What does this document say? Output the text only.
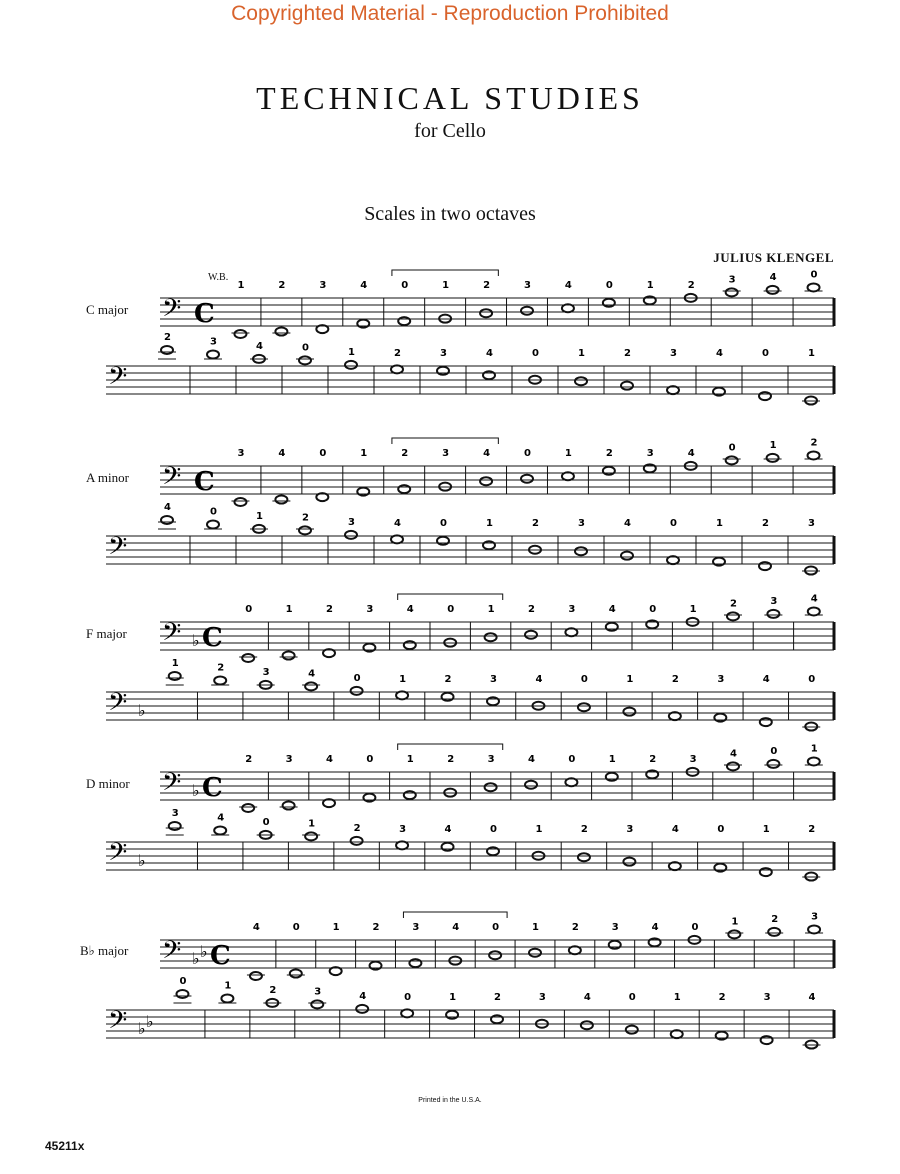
Copyrighted Material - Reproduction Prohibited
TECHNICAL STUDIES
for Cello
Scales in two octaves
JULIUS KLENGEL
W.B.
C major
A minor
F major
D minor
B♭ major
𝄢 C
1	2	3	4	0	1	2	3	4	0	1	2	3	4	0
𝄢
2	3	4	0	1	2	3	4	0	1	2	3	4	0	1
𝄢 C
3	4	0	1	2	3	4	0	1	2	3	4	0	1	2
𝄢
4	0	1	2	3	4	0	1	2	3	4	0	1	2	3
𝄢 ♭ C
0	1	2	3	4	0	1	2	3	4	0	1	2	3	4
𝄢 ♭
1	2	3	4	0	1	2	3	4	0	1	2	3	4	0
𝄢 ♭ C
2	3	4	0	1	2	3	4	0	1	2	3	4	0	1
𝄢 ♭
3	4	0	1	2	3	4	0	1	2	3	4	0	1	2
𝄢 ♭ ♭ C
4	0	1	2	3	4	0	1	2	3	4	0	1	2	3
𝄢 ♭ ♭
0	1	2	3	4	0	1	2	3	4	0	1	2	3	4
Printed in the U.S.A.
45211x
